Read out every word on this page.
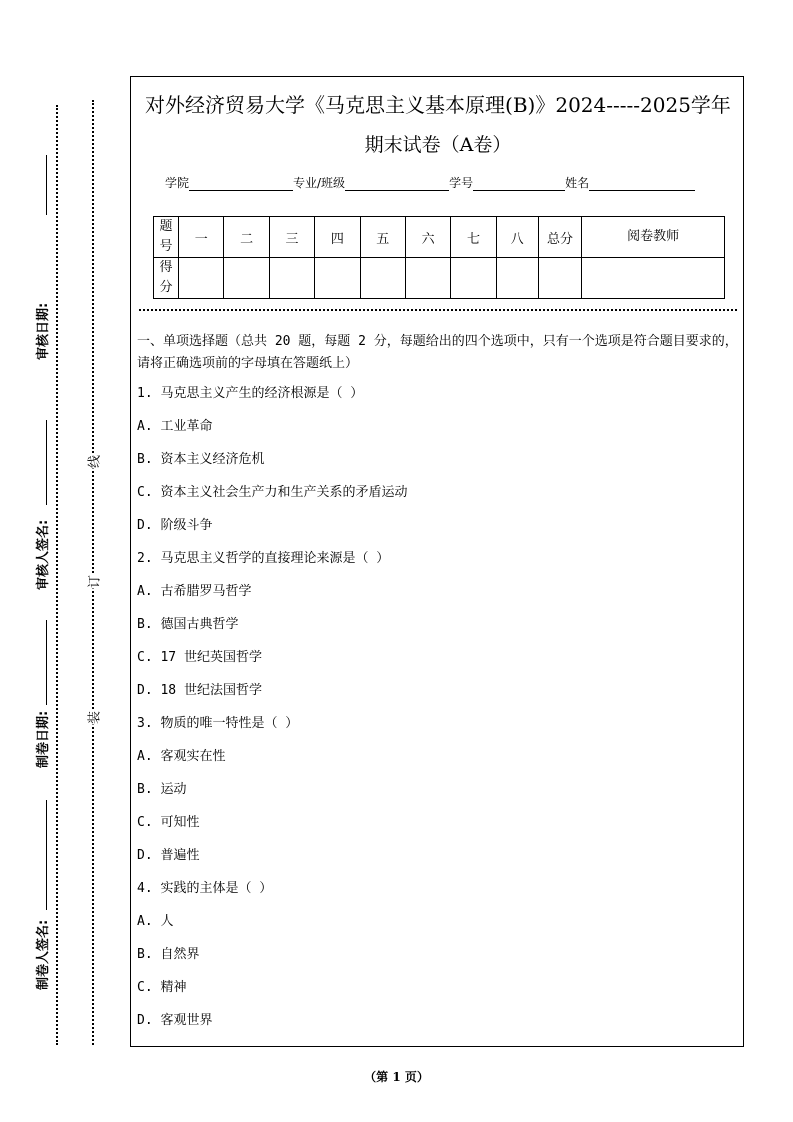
审核日期:
审核人签名:
制卷日期:
制卷人签名:
线
订
装
对外经济贸易大学《马克思主义基本原理(B)》2024-----2025学年
期末试卷（A卷）
学院	专业/班级	学号	姓名
题号	一	二	三	四	五	六	七	八	总分	阅卷教师
得分										
一、单项选择题（总共 20 题，每题 2 分，每题给出的四个选项中，只有一个选项是符合题目要求的，请将正确选项前的字母填在答题纸上）
1. 马克思主义产生的经济根源是（ ）
A. 工业革命
B. 资本主义经济危机
C. 资本主义社会生产力和生产关系的矛盾运动
D. 阶级斗争
2. 马克思主义哲学的直接理论来源是（ ）
A. 古希腊罗马哲学
B. 德国古典哲学
C. 17 世纪英国哲学
D. 18 世纪法国哲学
3. 物质的唯一特性是（ ）
A. 客观实在性
B. 运动
C. 可知性
D. 普遍性
4. 实践的主体是（ ）
A. 人
B. 自然界
C. 精神
D. 客观世界
（第 1 页）
